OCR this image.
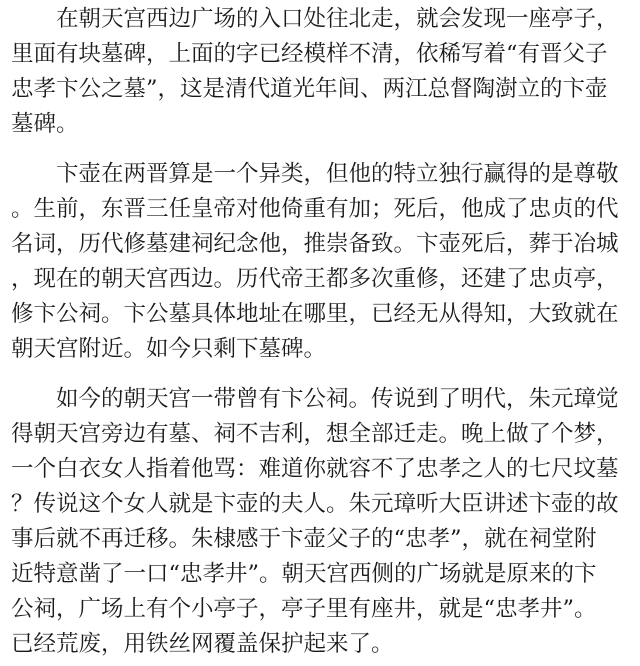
在朝天宫西边广场的入口处往北走，就会发现一座亭子，
里面有块墓碑，上面的字已经模样不清，依稀写着“有晋父子
忠孝卞公之墓”，这是清代道光年间、两江总督陶澍立的卞壶
墓碑。

卞壶在两晋算是一个异类，但他的特立独行赢得的是尊敬
。生前，东晋三任皇帝对他倚重有加；死后，他成了忠贞的代
名词，历代修墓建祠纪念他，推崇备致。卞壶死后，葬于冶城
，现在的朝天宫西边。历代帝王都多次重修，还建了忠贞亭，
修卞公祠。卞公墓具体地址在哪里，已经无从得知，大致就在
朝天宫附近。如今只剩下墓碑。

如今的朝天宫一带曾有卞公祠。传说到了明代，朱元璋觉
得朝天宫旁边有墓、祠不吉利，想全部迁走。晚上做了个梦，
一个白衣女人指着他骂：难道你就容不了忠孝之人的七尺坟墓
？传说这个女人就是卞壶的夫人。朱元璋听大臣讲述卞壶的故
事后就不再迁移。朱棣感于卞壶父子的“忠孝”，就在祠堂附
近特意凿了一口“忠孝井”。朝天宫西侧的广场就是原来的卞
公祠，广场上有个小亭子，亭子里有座井，就是“忠孝井”。
已经荒废，用铁丝网覆盖保护起来了。
